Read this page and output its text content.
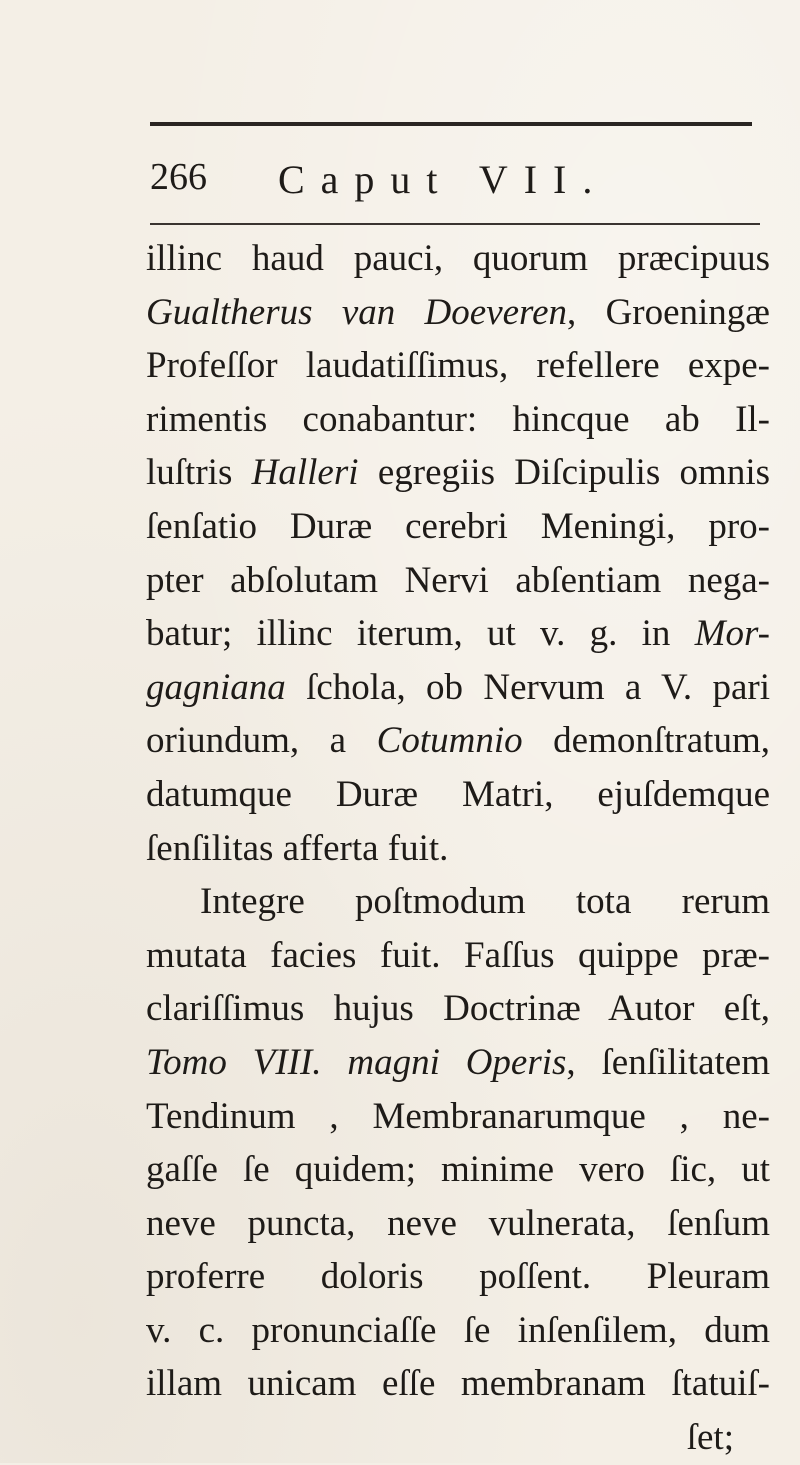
266 Caput VII.
illinc haud pauci, quorum præcipuus
Gualtherus van Doeveren, Groeningæ
Profeſſor laudatiſſimus, refellere expe-
rimentis conabantur: hincque ab Il-
luſtris Halleri egregiis Diſcipulis omnis
ſenſatio Duræ cerebri Meningi, pro-
pter abſolutam Nervi abſentiam nega-
batur; illinc iterum, ut v. g. in Mor-
gagniana ſchola, ob Nervum a V. pari
oriundum, a Cotumnio demonſtratum,
datumque Duræ Matri, ejuſdemque
ſenſilitas afferta fuit.
Integre poſtmodum tota rerum
mutata facies fuit. Faſſus quippe præ-
clariſſimus hujus Doctrinæ Autor eſt,
Tomo VIII. magni Operis, ſenſilitatem
Tendinum , Membranarumque , ne-
gaſſe ſe quidem; minime vero ſic, ut
neve puncta, neve vulnerata, ſenſum
proferre doloris poſſent. Pleuram
v. c. pronunciaſſe ſe inſenſilem, dum
illam unicam eſſe membranam ſtatuiſ-
ſet;
